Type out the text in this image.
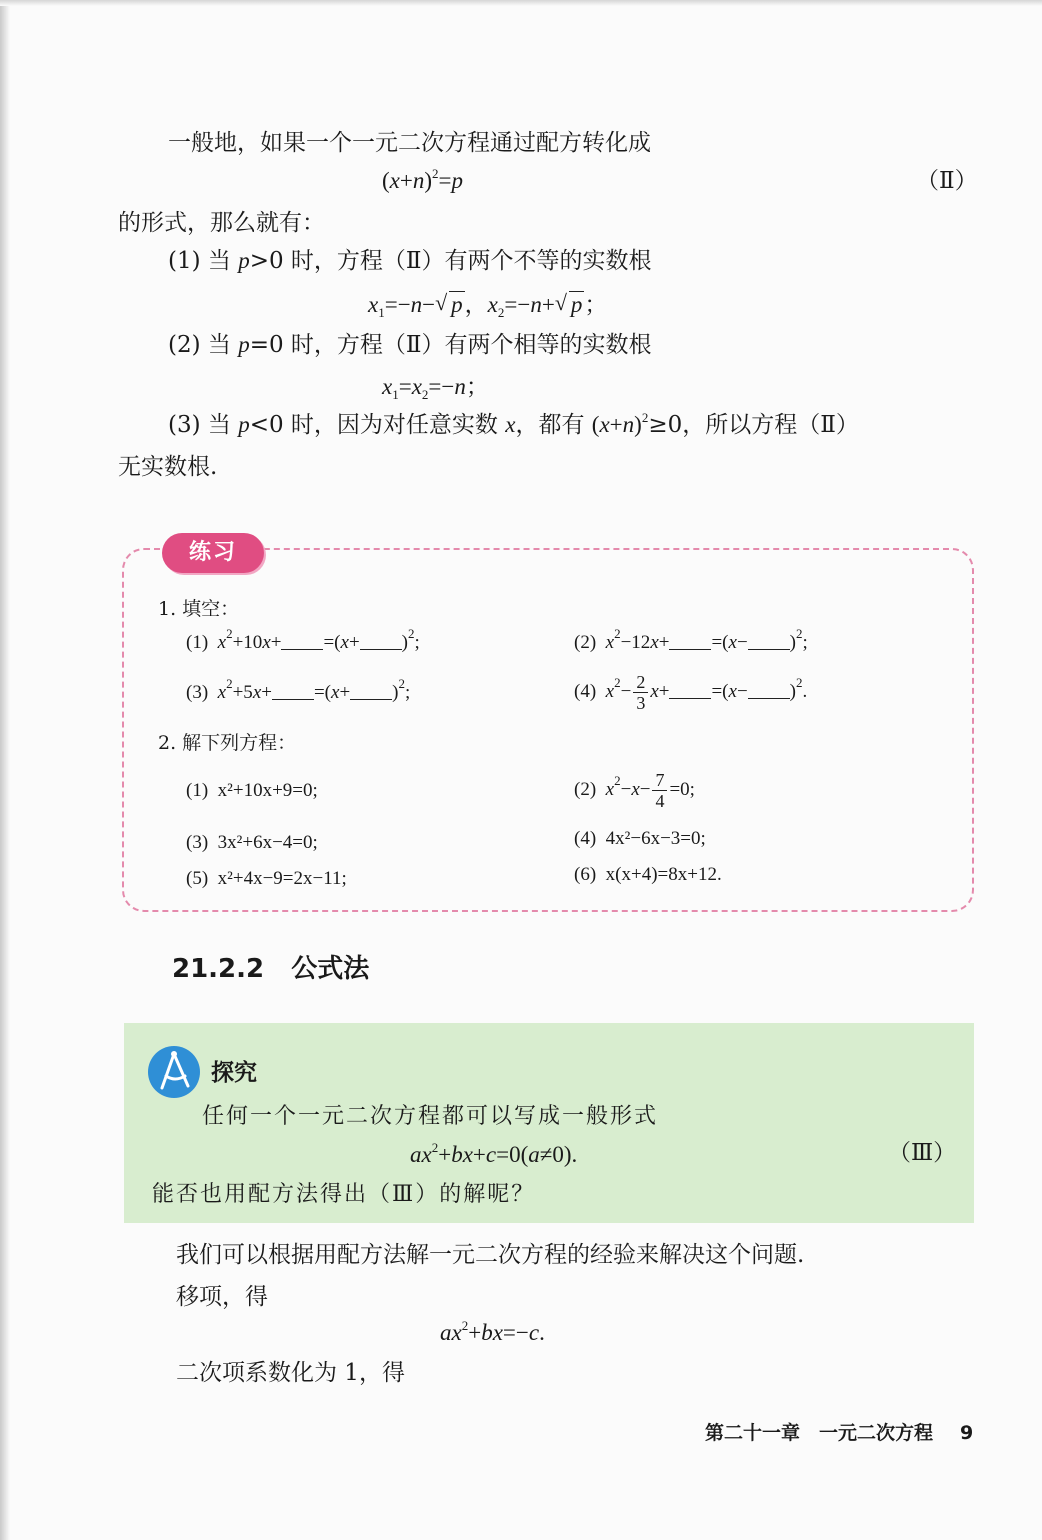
一般地，如果一个一元二次方程通过配方转化成
$(x+n)^2=p$	（Ⅱ）
的形式，那么就有：
(1) 当 p>0 时，方程（Ⅱ）有两个不等的实数根
$x_1=-n-$ √ p，$x_2=-n+$ √ p；
(2) 当 p=0 时，方程（Ⅱ）有两个相等的实数根
$x_1=x_2=-n$；
(3) 当 p<0 时，因为对任意实数 x，都有 $(x+n)^2\ge 0$，所以方程（Ⅱ）
无实数根.
练习
1. 填空：
(1) $x^2+10x+ =(x+ )^2$;	(2) $x^2-12x+ =(x- )^2$;
(3) $x^2+5x+ =(x+ )^2$;	(4) $x^2- \frac{2}{3} x+ =(x- )^2$.
2. 解下列方程：
(1) x²+10x+9=0;	(2) $x^2-x- \frac{7}{4} =0$;
(3) 3x²+6x−4=0;	(4) 4x²−6x−3=0;
(5) x²+4x−9=2x−11;	(6) x(x+4)=8x+12.
21.2.2 公式法
探究
任何一个一元二次方程都可以写成一般形式
$ax^2+bx+c=0(a\ne 0)$.	（Ⅲ）
能否也用配方法得出（Ⅲ）的解呢？
我们可以根据用配方法解一元二次方程的经验来解决这个问题.
移项，得
$ax^2+bx=-c$.
二次项系数化为 1，得
第二十一章　一元二次方程 9
